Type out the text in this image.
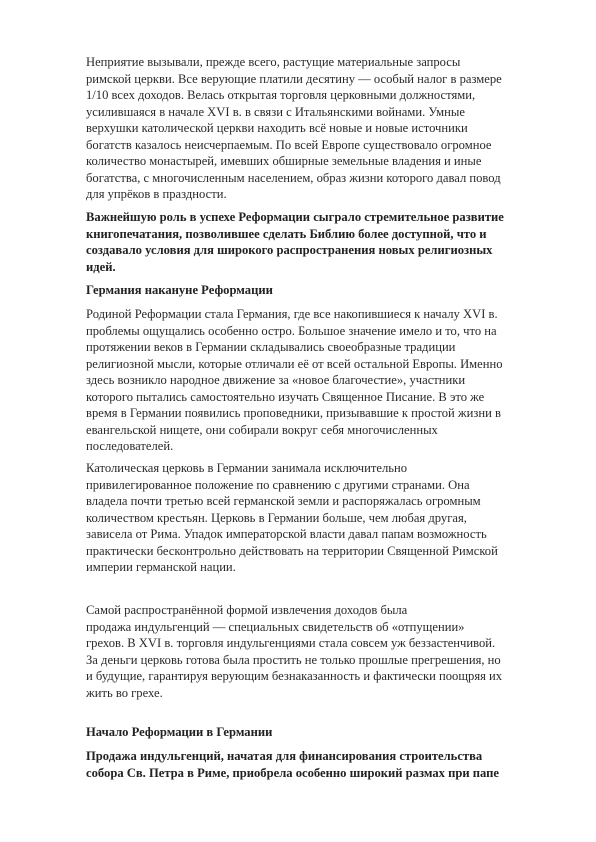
Неприятие вызывали, прежде всего, растущие материальные запросы
римской церкви. Все верующие платили десятину — особый налог в размере
1/10 всех доходов. Велась открытая торговля церковными должностями,
усилившаяся в начале XVI в. в связи с Итальянскими войнами. Умные
верхушки католической церкви находить всё новые и новые источники
богатств казалось неисчерпаемым. По всей Европе существовало огромное
количество монастырей, имевших обширные земельные владения и иные
богатства, с многочисленным населением, образ жизни которого давал повод
для упрёков в праздности.

Важнейшую роль в успехе Реформации сыграло стремительное развитие
книгопечатания, позволившее сделать Библию более доступной, что и
создавало условия для широкого распространения новых религиозных
идей.

Германия накануне Реформации

Родиной Реформации стала Германия, где все накопившиеся к началу XVI в.
проблемы ощущались особенно остро. Большое значение имело и то, что на
протяжении веков в Германии складывались своеобразные традиции
религиозной мысли, которые отличали её от всей остальной Европы. Именно
здесь возникло народное движение за «новое благочестие», участники
которого пытались самостоятельно изучать Священное Писание. В это же
время в Германии появились проповедники, призывавшие к простой жизни в
евангельской нищете, они собирали вокруг себя многочисленных
последователей.

Католическая церковь в Германии занимала исключительно
привилегированное положение по сравнению с другими странами. Она
владела почти третью всей германской земли и распоряжалась огромным
количеством крестьян. Церковь в Германии больше, чем любая другая,
зависела от Рима. Упадок императорской власти давал папам возможность
практически бесконтрольно действовать на территории Священной Римской
империи германской нации.

Самой распространённой формой извлечения доходов была
продажа индульгенций — специальных свидетельств об «отпущении»
грехов. В XVI в. торговля индульгенциями стала совсем уж беззастенчивой.
За деньги церковь готова была простить не только прошлые прегрешения, но
и будущие, гарантируя верующим безнаказанность и фактически поощряя их
жить во грехе.

Начало Реформации в Германии

Продажа индульгенций, начатая для финансирования строительства
собора Св. Петра в Риме, приобрела особенно широкий размах при папе
